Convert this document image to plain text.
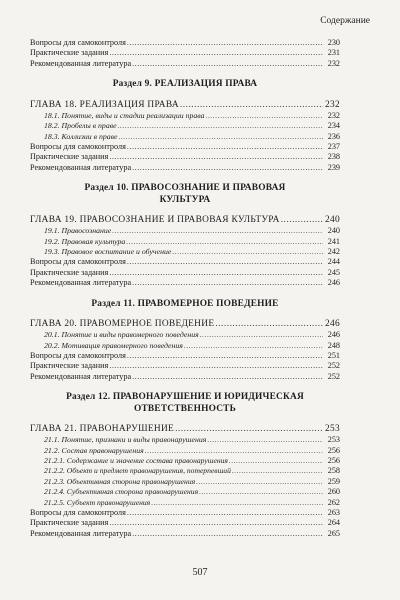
Содержание
Вопросы для самоконтроля .....	230
Практические задания .....	231
Рекомендованная литература .....	232
Раздел 9. РЕАЛИЗАЦИЯ ПРАВА
ГЛАВА 18. РЕАЛИЗАЦИЯ ПРАВА .....	232
18.1. Понятие, виды и стадии реализации права .....	232
18.2. Пробелы в праве .....	234
18.3. Коллизии в праве .....	236
Вопросы для самоконтроля .....	237
Практические задания .....	238
Рекомендованная литература .....	239
Раздел 10. ПРАВОСОЗНАНИЕ И ПРАВОВАЯ
КУЛЬТУРА
ГЛАВА 19. ПРАВОСОЗНАНИЕ И ПРАВОВАЯ КУЛЬТУРА .....	240
19.1. Правосознание .....	240
19.2. Правовая культура .....	241
19.3. Правовое воспитание и обучение .....	242
Вопросы для самоконтроля .....	244
Практические задания .....	245
Рекомендованная литература .....	246
Раздел 11. ПРАВОМЕРНОЕ ПОВЕДЕНИЕ
ГЛАВА 20. ПРАВОМЕРНОЕ ПОВЕДЕНИЕ .....	246
20.1. Понятие и виды правомерного поведения .....	246
20.2. Мотивация правомерного поведения .....	248
Вопросы для самоконтроля .....	251
Практические задания .....	252
Рекомендованная литература .....	252
Раздел 12. ПРАВОНАРУШЕНИЕ И ЮРИДИЧЕСКАЯ
ОТВЕТСТВЕННОСТЬ
ГЛАВА 21. ПРАВОНАРУШЕНИЕ .....	253
21.1. Понятие, признаки и виды правонарушения .....	253
21.2. Состав правонарушения .....	256
21.2.1. Содержание и значение состава правонарушения .....	256
21.2.2. Объект и предмет правонарушения, потерпевший .....	258
21.2.3. Объективная сторона правонарушения .....	259
21.2.4. Субъективная сторона правонарушения .....	260
21.2.5. Субъект правонарушения .....	262
Вопросы для самоконтроля .....	263
Практические задания .....	264
Рекомендованная литература .....	265
507
